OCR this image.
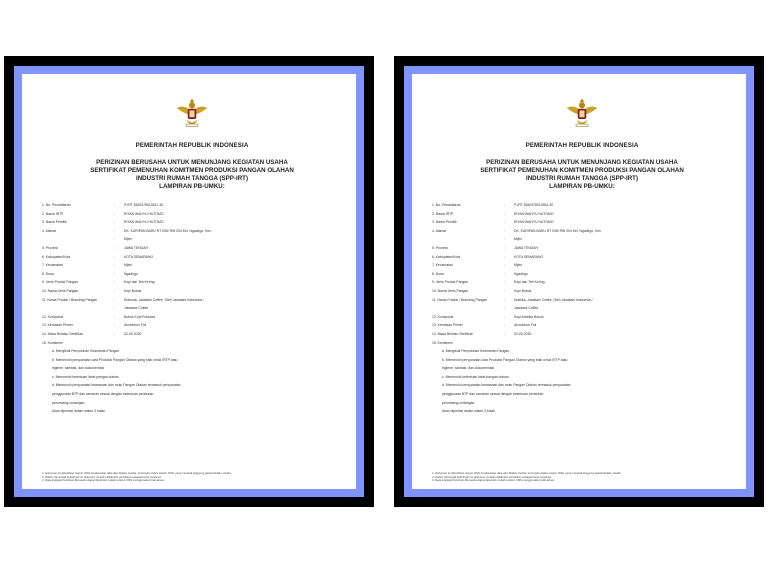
PEMERINTAH REPUBLIK INDONESIA
PERIZINAN BERUSAHA UNTUK MENUNJANG KEGIATAN USAHA
SERTIFIKAT PEMENUHAN KOMITMEN PRODUKSI PANGAN OLAHAN
INDUSTRI RUMAH TANGGA (SPP-IRT)
LAMPIRAN PB-UMKU:
1. No. Pendaftaran	:	P-IRT 5360378012541-30
2. Nama IRTP	:	RIYAN WAHYU HUTOMO
3. Nama Pemilik	:	RIYAN WAHYU HUTOMO
4. Alamat	:	DK. KURIPAN BARU RT 005/ RW 004 Kel. Ngadirgo, Kec.
:	Mijen
5. Provinsi	:	JAWA TENGAH
6. Kabupaten/Kota	:	KOTA SEMARANG
7. Kecamatan	:	Mijen
8. Desa	:	Ngadirgo
9. Jenis Produk Pangan	:	Kopi dan Teh Kering
10. Nama Jenis Pangan	:	Kopi Bubuk
11. Nama Produk / Branding Pangan	:	Robusta, Jawatani Coffee, Oleh Jawatani Indonesia /
:	Jawatani Coffee
12. Komposisi	:	Bubuk Kopi Robusta
13. Kemasan Primer	:	Aluminium Foil
14. Masa Berlaku Sertifikat	:	02-09-2030
15. Komitmen
a. Mengikuti Penyuluhan Keamanan Pangan.
b. Memenuhi persyaratan cara Produksi Pangan Olahan yang baik untuk IRTP atau
higiene, sanitasi, dan dokumentasi
c. Memenuhi ketentuan label pangan olahan.
d. Memenuhi persyaratan keamanan dan mutu Pangan Olahan termasuk persyaratan
penggunaan BTP dan cemaran sesuai dengan ketentuan peraturan
perundang-undangan.
Akan diperiksi dalam waktu 3 bulan
1. Dokumen ini diterbitkan sistem OSS berdasarkan data dari Pelaku Usaha, tersimpan dalam sistem OSS, yang menjadi tanggung jawab Pelaku Usaha
2. Dalam hal terjadi kekeliruan isi dokumen ini akan dilakukan perbaikan sebagaimana mestinya.
3. Data lengkap Perizinan Berusaha dapat diperoleh melalui sistem OSS menggunakan hak akses.
PEMERINTAH REPUBLIK INDONESIA
PERIZINAN BERUSAHA UNTUK MENUNJANG KEGIATAN USAHA
SERTIFIKAT PEMENUHAN KOMITMEN PRODUKSI PANGAN OLAHAN
INDUSTRI RUMAH TANGGA (SPP-IRT)
LAMPIRAN PB-UMKU:
1. No. Pendaftaran	:	P-IRT 5360378012554-30
2. Nama IRTP	:	RIYAN WAHYU HUTOMO
3. Nama Pemilik	:	RIYAN WAHYU HUTOMO
4. Alamat	:	DK. KURIPAN BARU RT 005/ RW 004 Kel. Ngadirgo, Kec.
:	Mijen
5. Provinsi	:	JAWA TENGAH
6. Kabupaten/Kota	:	KOTA SEMARANG
7. Kecamatan	:	Mijen
8. Desa	:	Ngadirgo
9. Jenis Produk Pangan	:	Kopi dan Teh Kering
10. Nama Jenis Pangan	:	Kopi Bubuk
11. Nama Produk / Branding Pangan	:	Arabika, Jawatani Coffee, Oleh Jawatani Indonesia /
:	Jawatani Coffee
12. Komposisi	:	Kopi Arabika Bubuk
13. Kemasan Primer	:	Aluminium Foil
14. Masa Berlaku Sertifikat	:	02-09-2030
15. Komitmen
a. Mengikuti Penyuluhan Keamanan Pangan.
b. Memenuhi persyaratan cara Produksi Pangan Olahan yang baik untuk IRTP atau
higiene, sanitasi, dan dokumentasi
c. Memenuhi ketentuan label pangan olahan.
d. Memenuhi persyaratan keamanan dan mutu Pangan Olahan termasuk persyaratan
penggunaan BTP dan cemaran sesuai dengan ketentuan peraturan
perundang-undangan.
Akan diperiksi dalam waktu 3 bulan
1. Dokumen ini diterbitkan sistem OSS berdasarkan data dari Pelaku Usaha, tersimpan dalam sistem OSS, yang menjadi tanggung jawab Pelaku Usaha
2. Dalam hal terjadi kekeliruan isi dokumen ini akan dilakukan perbaikan sebagaimana mestinya.
3. Data lengkap Perizinan Berusaha dapat diperoleh melalui sistem OSS menggunakan hak akses.
